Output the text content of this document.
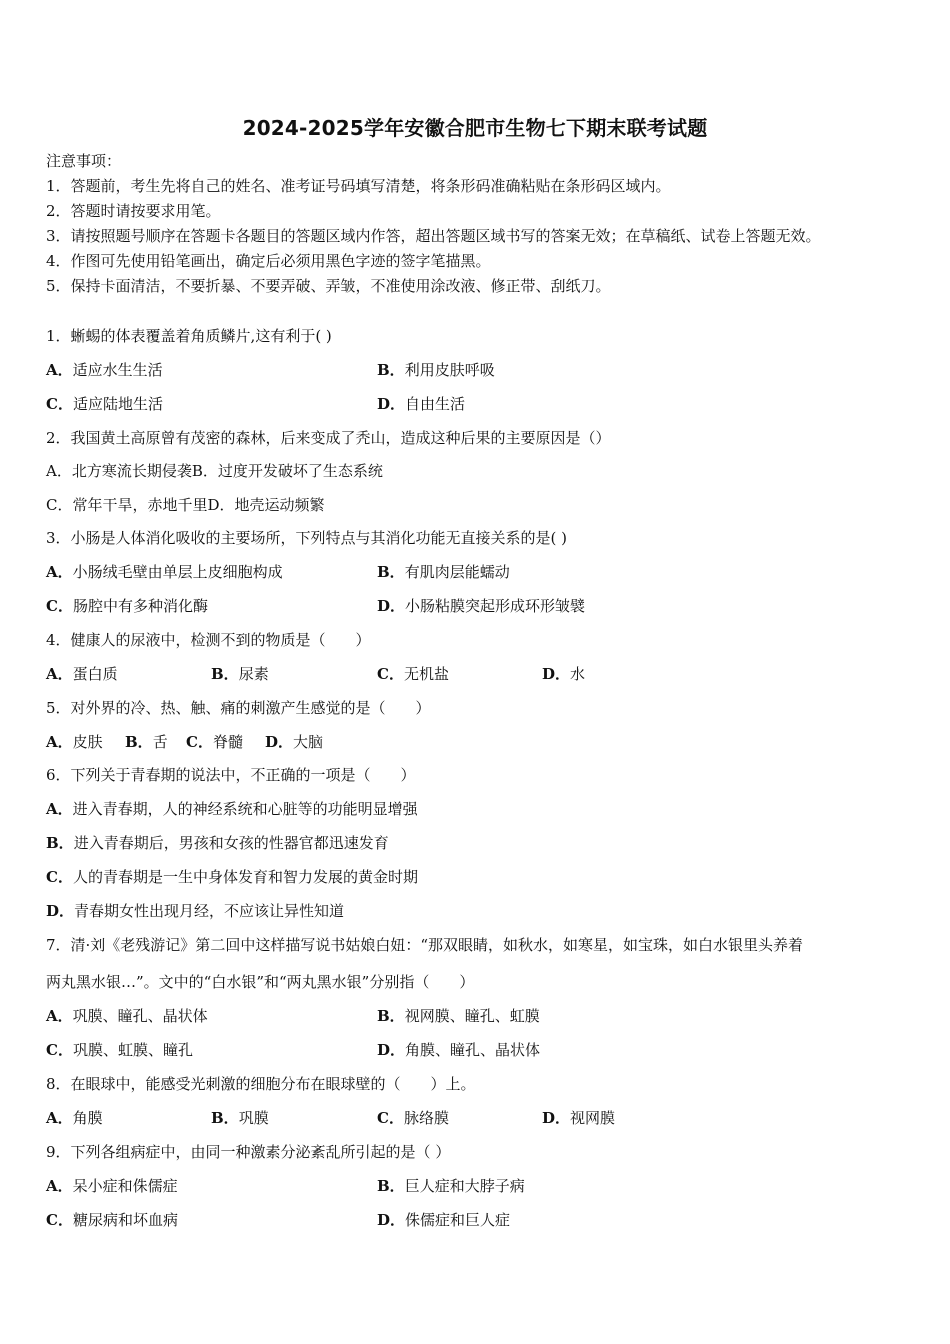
2024-2025学年安徽合肥市生物七下期末联考试题
注意事项：
1．答题前，考生先将自己的姓名、准考证号码填写清楚，将条形码准确粘贴在条形码区域内。
2．答题时请按要求用笔。
3．请按照题号顺序在答题卡各题目的答题区域内作答，超出答题区域书写的答案无效；在草稿纸、试卷上答题无效。
4．作图可先使用铅笔画出，确定后必须用黑色字迹的签字笔描黑。
5．保持卡面清洁，不要折暴、不要弄破、弄皱，不准使用涂改液、修正带、刮纸刀。
1．蜥蜴的体表覆盖着角质鳞片,这有利于( )
A．适应水生生活	B．利用皮肤呼吸
C．适应陆地生活	D．自由生活
2．我国黄土高原曾有茂密的森林，后来变成了秃山，造成这种后果的主要原因是（）
A．北方寒流长期侵袭B．过度开发破坏了生态系统
C．常年干旱，赤地千里D．地壳运动频繁
3．小肠是人体消化吸收的主要场所，下列特点与其消化功能无直接关系的是( )
A．小肠绒毛壁由单层上皮细胞构成	B．有肌肉层能蠕动
C．肠腔中有多种消化酶	D．小肠粘膜突起形成环形皱襞
4．健康人的尿液中，检测不到的物质是（　　）
A．蛋白质	B．尿素	C．无机盐	D．水
5．对外界的冷、热、触、痛的刺激产生感觉的是（　　）
A．皮肤 B．舌 C．脊髓 D．大脑
6．下列关于青春期的说法中，不正确的一项是（　　）
A．进入青春期，人的神经系统和心脏等的功能明显增强
B．进入青春期后，男孩和女孩的性器官都迅速发育
C．人的青春期是一生中身体发育和智力发展的黄金时期
D．青春期女性出现月经，不应该让异性知道
7．清·刘《老残游记》第二回中这样描写说书姑娘白妞：“那双眼睛，如秋水，如寒星，如宝珠，如白水银里头养着
两丸黑水银…”。文中的“白水银”和“两丸黑水银”分别指（　　）
A．巩膜、瞳孔、晶状体	B．视网膜、瞳孔、虹膜
C．巩膜、虹膜、瞳孔	D．角膜、瞳孔、晶状体
8．在眼球中，能感受光刺激的细胞分布在眼球壁的（　　）上。
A．角膜	B．巩膜	C．脉络膜	D．视网膜
9．下列各组病症中，由同一种激素分泌紊乱所引起的是（ ）
A．呆小症和侏儒症	B．巨人症和大脖子病
C．糖尿病和坏血病	D．侏儒症和巨人症
